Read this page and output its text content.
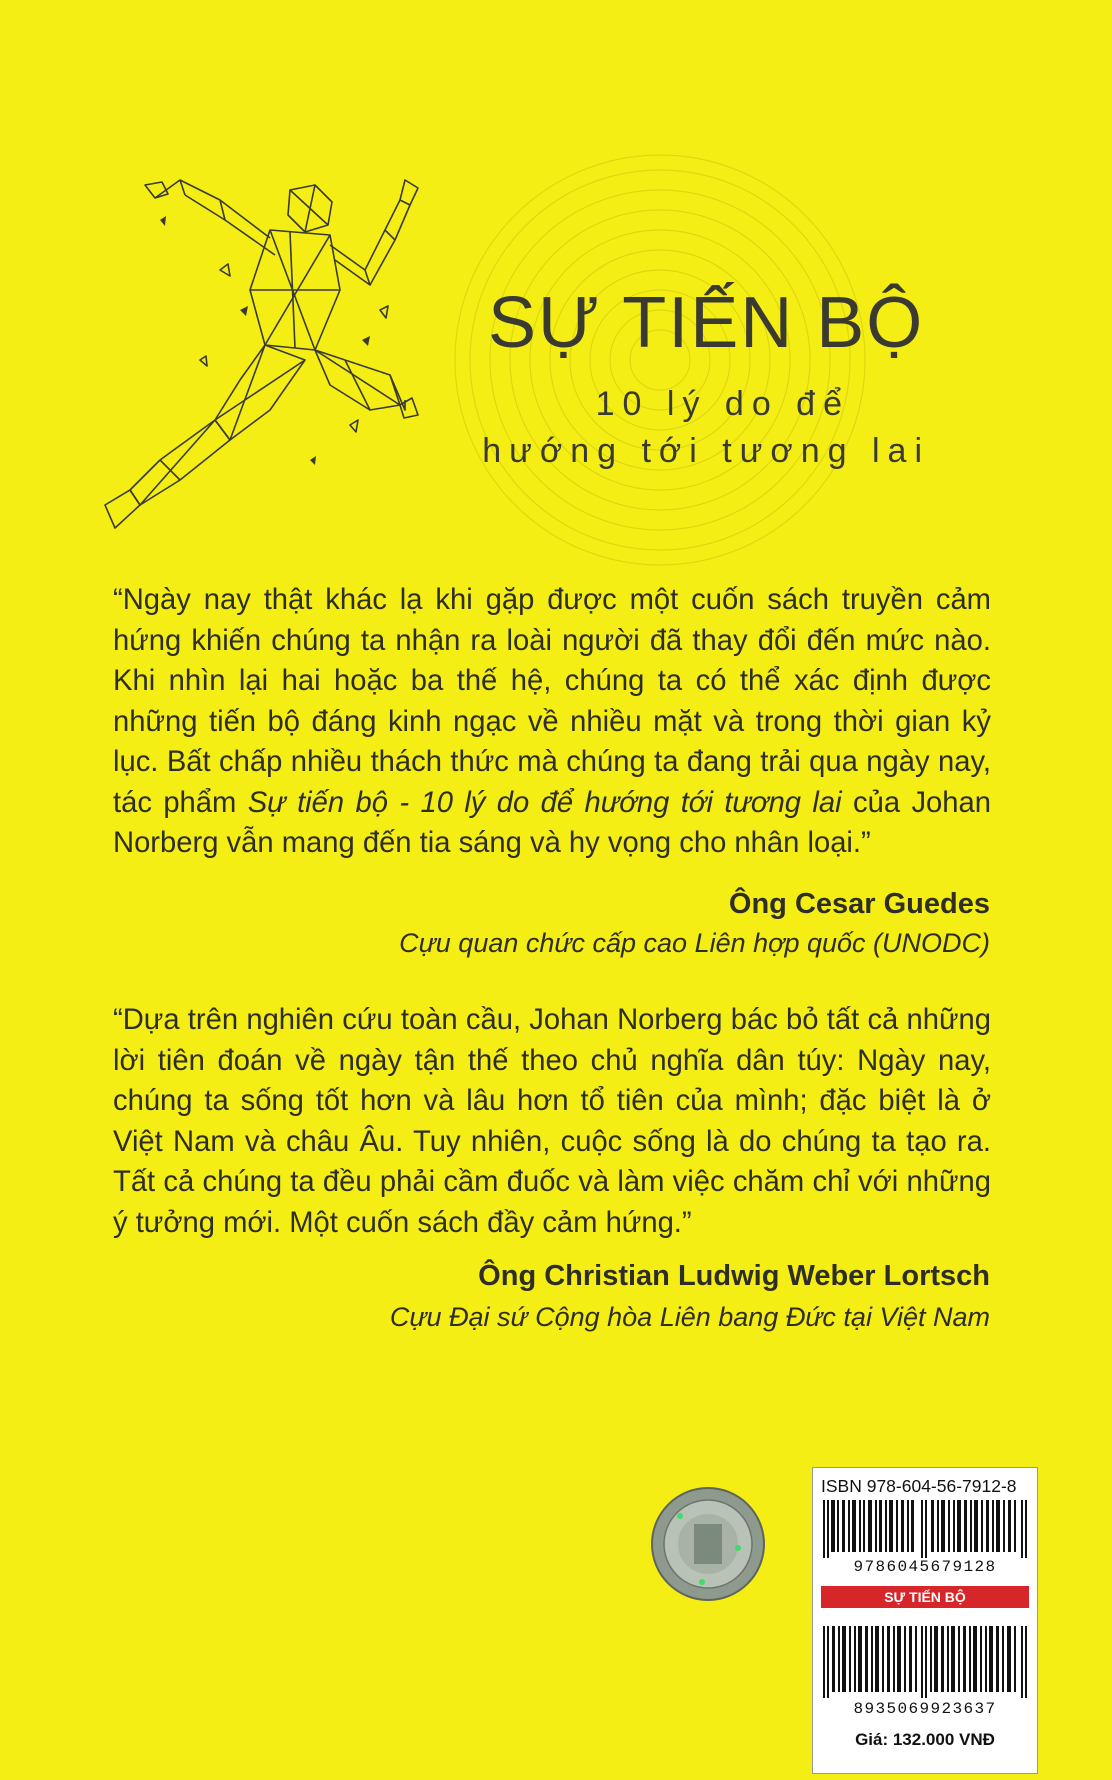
SỰ TIẾN BỘ
10 lý do để
hướng tới tương lai
“Ngày nay thật khác lạ khi gặp được một cuốn sách truyền cảm hứng khiến chúng ta nhận ra loài người đã thay đổi đến mức nào. Khi nhìn lại hai hoặc ba thế hệ, chúng ta có thể xác định được những tiến bộ đáng kinh ngạc về nhiều mặt và trong thời gian kỷ lục. Bất chấp nhiều thách thức mà chúng ta đang trải qua ngày nay, tác phẩm Sự tiến bộ - 10 lý do để hướng tới tương lai của Johan Norberg vẫn mang đến tia sáng và hy vọng cho nhân loại.”
Ông Cesar Guedes
Cựu quan chức cấp cao Liên hợp quốc (UNODC)
“Dựa trên nghiên cứu toàn cầu, Johan Norberg bác bỏ tất cả những lời tiên đoán về ngày tận thế theo chủ nghĩa dân túy: Ngày nay, chúng ta sống tốt hơn và lâu hơn tổ tiên của mình; đặc biệt là ở Việt Nam và châu Âu. Tuy nhiên, cuộc sống là do chúng ta tạo ra. Tất cả chúng ta đều phải cầm đuốc và làm việc chăm chỉ với những ý tưởng mới. Một cuốn sách đầy cảm hứng.”
Ông Christian Ludwig Weber Lortsch
Cựu Đại sứ Cộng hòa Liên bang Đức tại Việt Nam
ISBN 978-604-56-7912-8
9786045679128
SỰ TIẾN BỘ
8935069923637
Giá: 132.000 VNĐ
